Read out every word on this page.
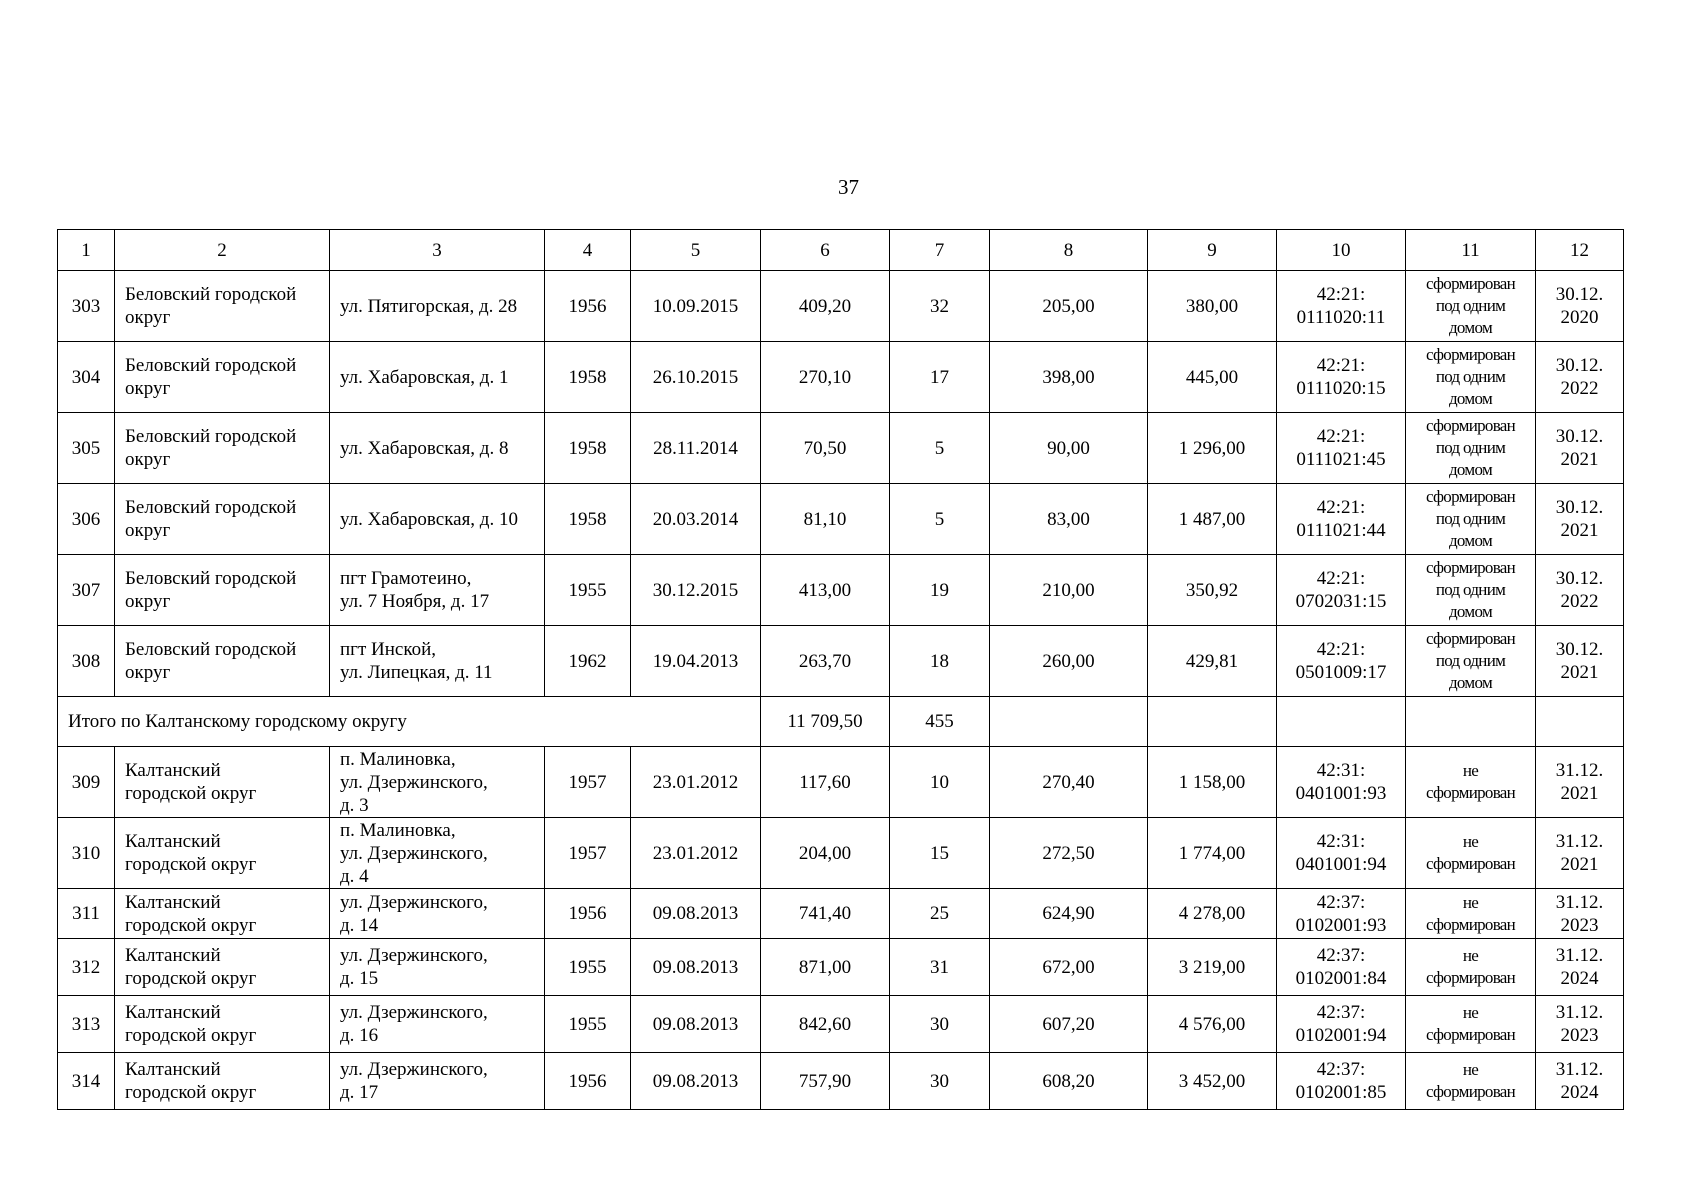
37
1	2	3	4	5	6	7	8	9	10	11	12
303	Беловский городской
округ	ул. Пятигорская, д. 28	1956	10.09.2015	409,20	32	205,00	380,00	42:21:
0111020:11	сформирован
под одним
домом	30.12.
2020

304	Беловский городской
округ	ул. Хабаровская, д. 1	1958	26.10.2015	270,10	17	398,00	445,00	42:21:
0111020:15	сформирован
под одним
домом	30.12.
2022

305	Беловский городской
округ	ул. Хабаровская, д. 8	1958	28.11.2014	70,50	5	90,00	1 296,00	42:21:
0111021:45	сформирован
под одним
домом	30.12.
2021

306	Беловский городской
округ	ул. Хабаровская, д. 10	1958	20.03.2014	81,10	5	83,00	1 487,00	42:21:
0111021:44	сформирован
под одним
домом	30.12.
2021

307	Беловский городской
округ	пгт Грамотеино,
ул. 7 Ноября, д. 17	1955	30.12.2015	413,00	19	210,00	350,92	42:21:
0702031:15	сформирован
под одним
домом	30.12.
2022

308	Беловский городской
округ	пгт Инской,
ул. Липецкая, д. 11	1962	19.04.2013	263,70	18	260,00	429,81	42:21:
0501009:17	сформирован
под одним
домом	30.12.
2021

Итого по Калтанскому городскому округу					11 709,50	455					
309	Калтанский
городской округ	п. Малиновка,
ул. Дзержинского,
д. 3	1957	23.01.2012	117,60	10	270,40	1 158,00	42:31:
0401001:93	не
сформирован	31.12.
2021

310	Калтанский
городской округ	п. Малиновка,
ул. Дзержинского,
д. 4	1957	23.01.2012	204,00	15	272,50	1 774,00	42:31:
0401001:94	не
сформирован	31.12.
2021

311	Калтанский
городской округ	ул. Дзержинского,
д. 14	1956	09.08.2013	741,40	25	624,90	4 278,00	42:37:
0102001:93	не
сформирован	31.12.
2023

312	Калтанский
городской округ	ул. Дзержинского,
д. 15	1955	09.08.2013	871,00	31	672,00	3 219,00	42:37:
0102001:84	не
сформирован	31.12.
2024

313	Калтанский
городской округ	ул. Дзержинского,
д. 16	1955	09.08.2013	842,60	30	607,20	4 576,00	42:37:
0102001:94	не
сформирован	31.12.
2023

314	Калтанский
городской округ	ул. Дзержинского,
д. 17	1956	09.08.2013	757,90	30	608,20	3 452,00	42:37:
0102001:85	не
сформирован	31.12.
2024
